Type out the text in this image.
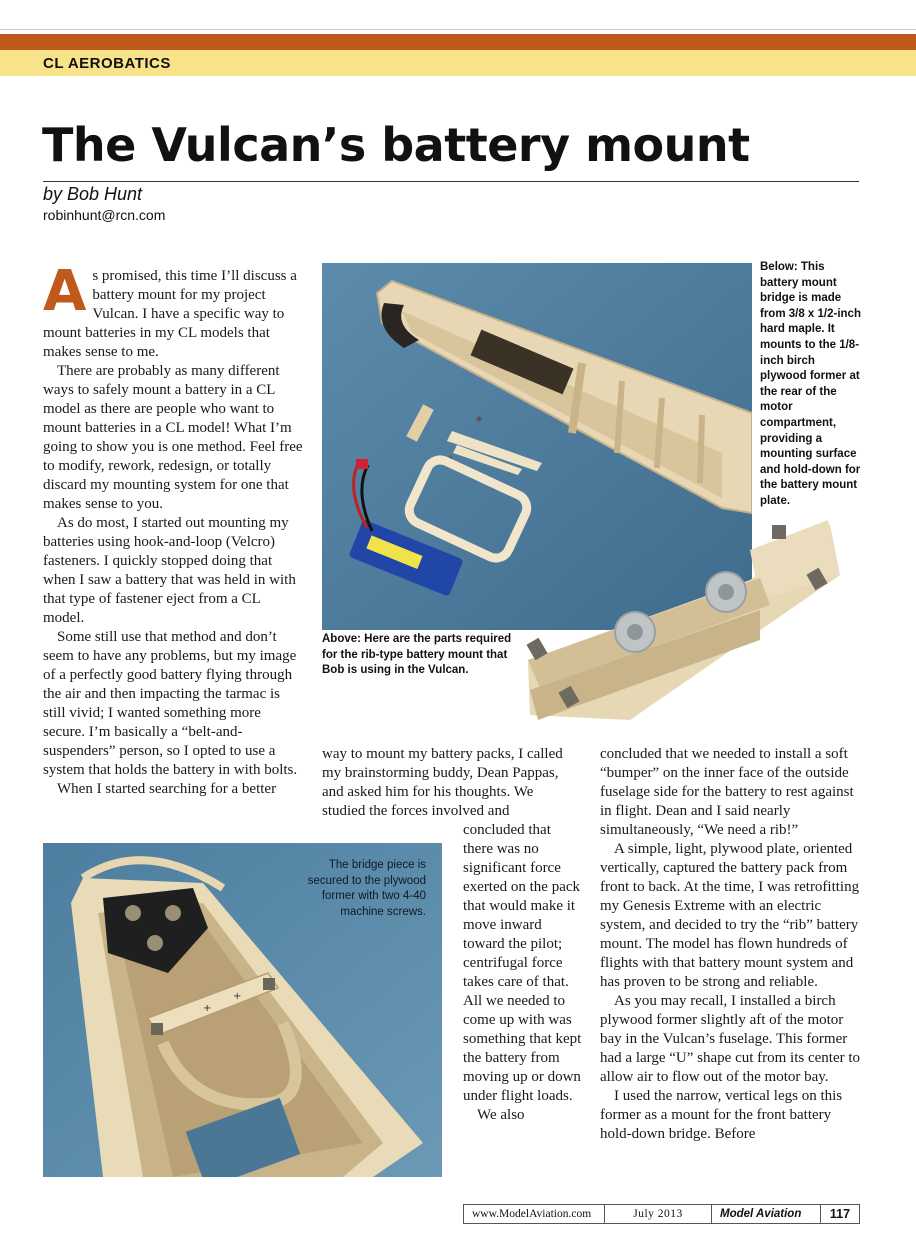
CL AEROBATICS
The Vulcan’s battery mount
by Bob Hunt
robinhunt@rcn.com

As promised, this time I’ll discuss a battery mount for my project Vulcan. I have a specific way to mount batteries in my CL models that makes sense to me.

There are probably as many different ways to safely mount a battery in a CL model as there are people who want to mount batteries in a CL model! What I’m going to show you is one method. Feel free to modify, rework, redesign, or totally discard my mounting system for one that makes sense to you.

As do most, I started out mounting my batteries using hook-and-loop (Velcro) fasteners. I quickly stopped doing that when I saw a battery that was held in with that type of fastener eject from a CL model.

Some still use that method and don’t seem to have any problems, but my image of a perfectly good battery flying through the air and then impacting the tarmac is still vivid; I wanted something more secure. I’m basically a “belt-and-suspenders” person, so I opted to use a system that holds the battery in with bolts.

When I started searching for a better

way to mount my battery packs, I called my brainstorming buddy, Dean Pappas, and asked him for his thoughts. We studied the forces involved and

concluded that there was no significant force exerted on the pack that would make it move inward toward the pilot; centrifugal force takes care of that. All we needed to come up with was something that kept the battery from moving up or down under flight loads.

We also

concluded that we needed to install a soft “bumper” on the inner face of the outside fuselage side for the battery to rest against in flight. Dean and I said nearly simultaneously, “We need a rib!”

A simple, light, plywood plate, oriented vertically, captured the battery pack from front to back. At the time, I was retrofitting my Genesis Extreme with an electric system, and decided to try the “rib” battery mount. The model has flown hundreds of flights with that battery mount system and has proven to be strong and reliable.

As you may recall, I installed a birch plywood former slightly aft of the motor bay in the Vulcan’s fuselage. This former had a large “U” shape cut from its center to allow air to flow out of the motor bay.

I used the narrow, vertical legs on this former as a mount for the front battery hold-down bridge. Before

Below: This battery mount bridge is made from 3/8 x 1/2-inch hard maple. It mounts to the 1/8-inch birch plywood former at the rear of the motor compartment, providing a mounting surface and hold-down for the battery mount plate.
Above: Here are the parts required for the rib-type battery mount that Bob is using in the Vulcan.
+
+
The bridge piece is secured to the plywood former with two 4-40 machine screws.
www.ModelAviation.com	July 2013	Model Aviation	117
